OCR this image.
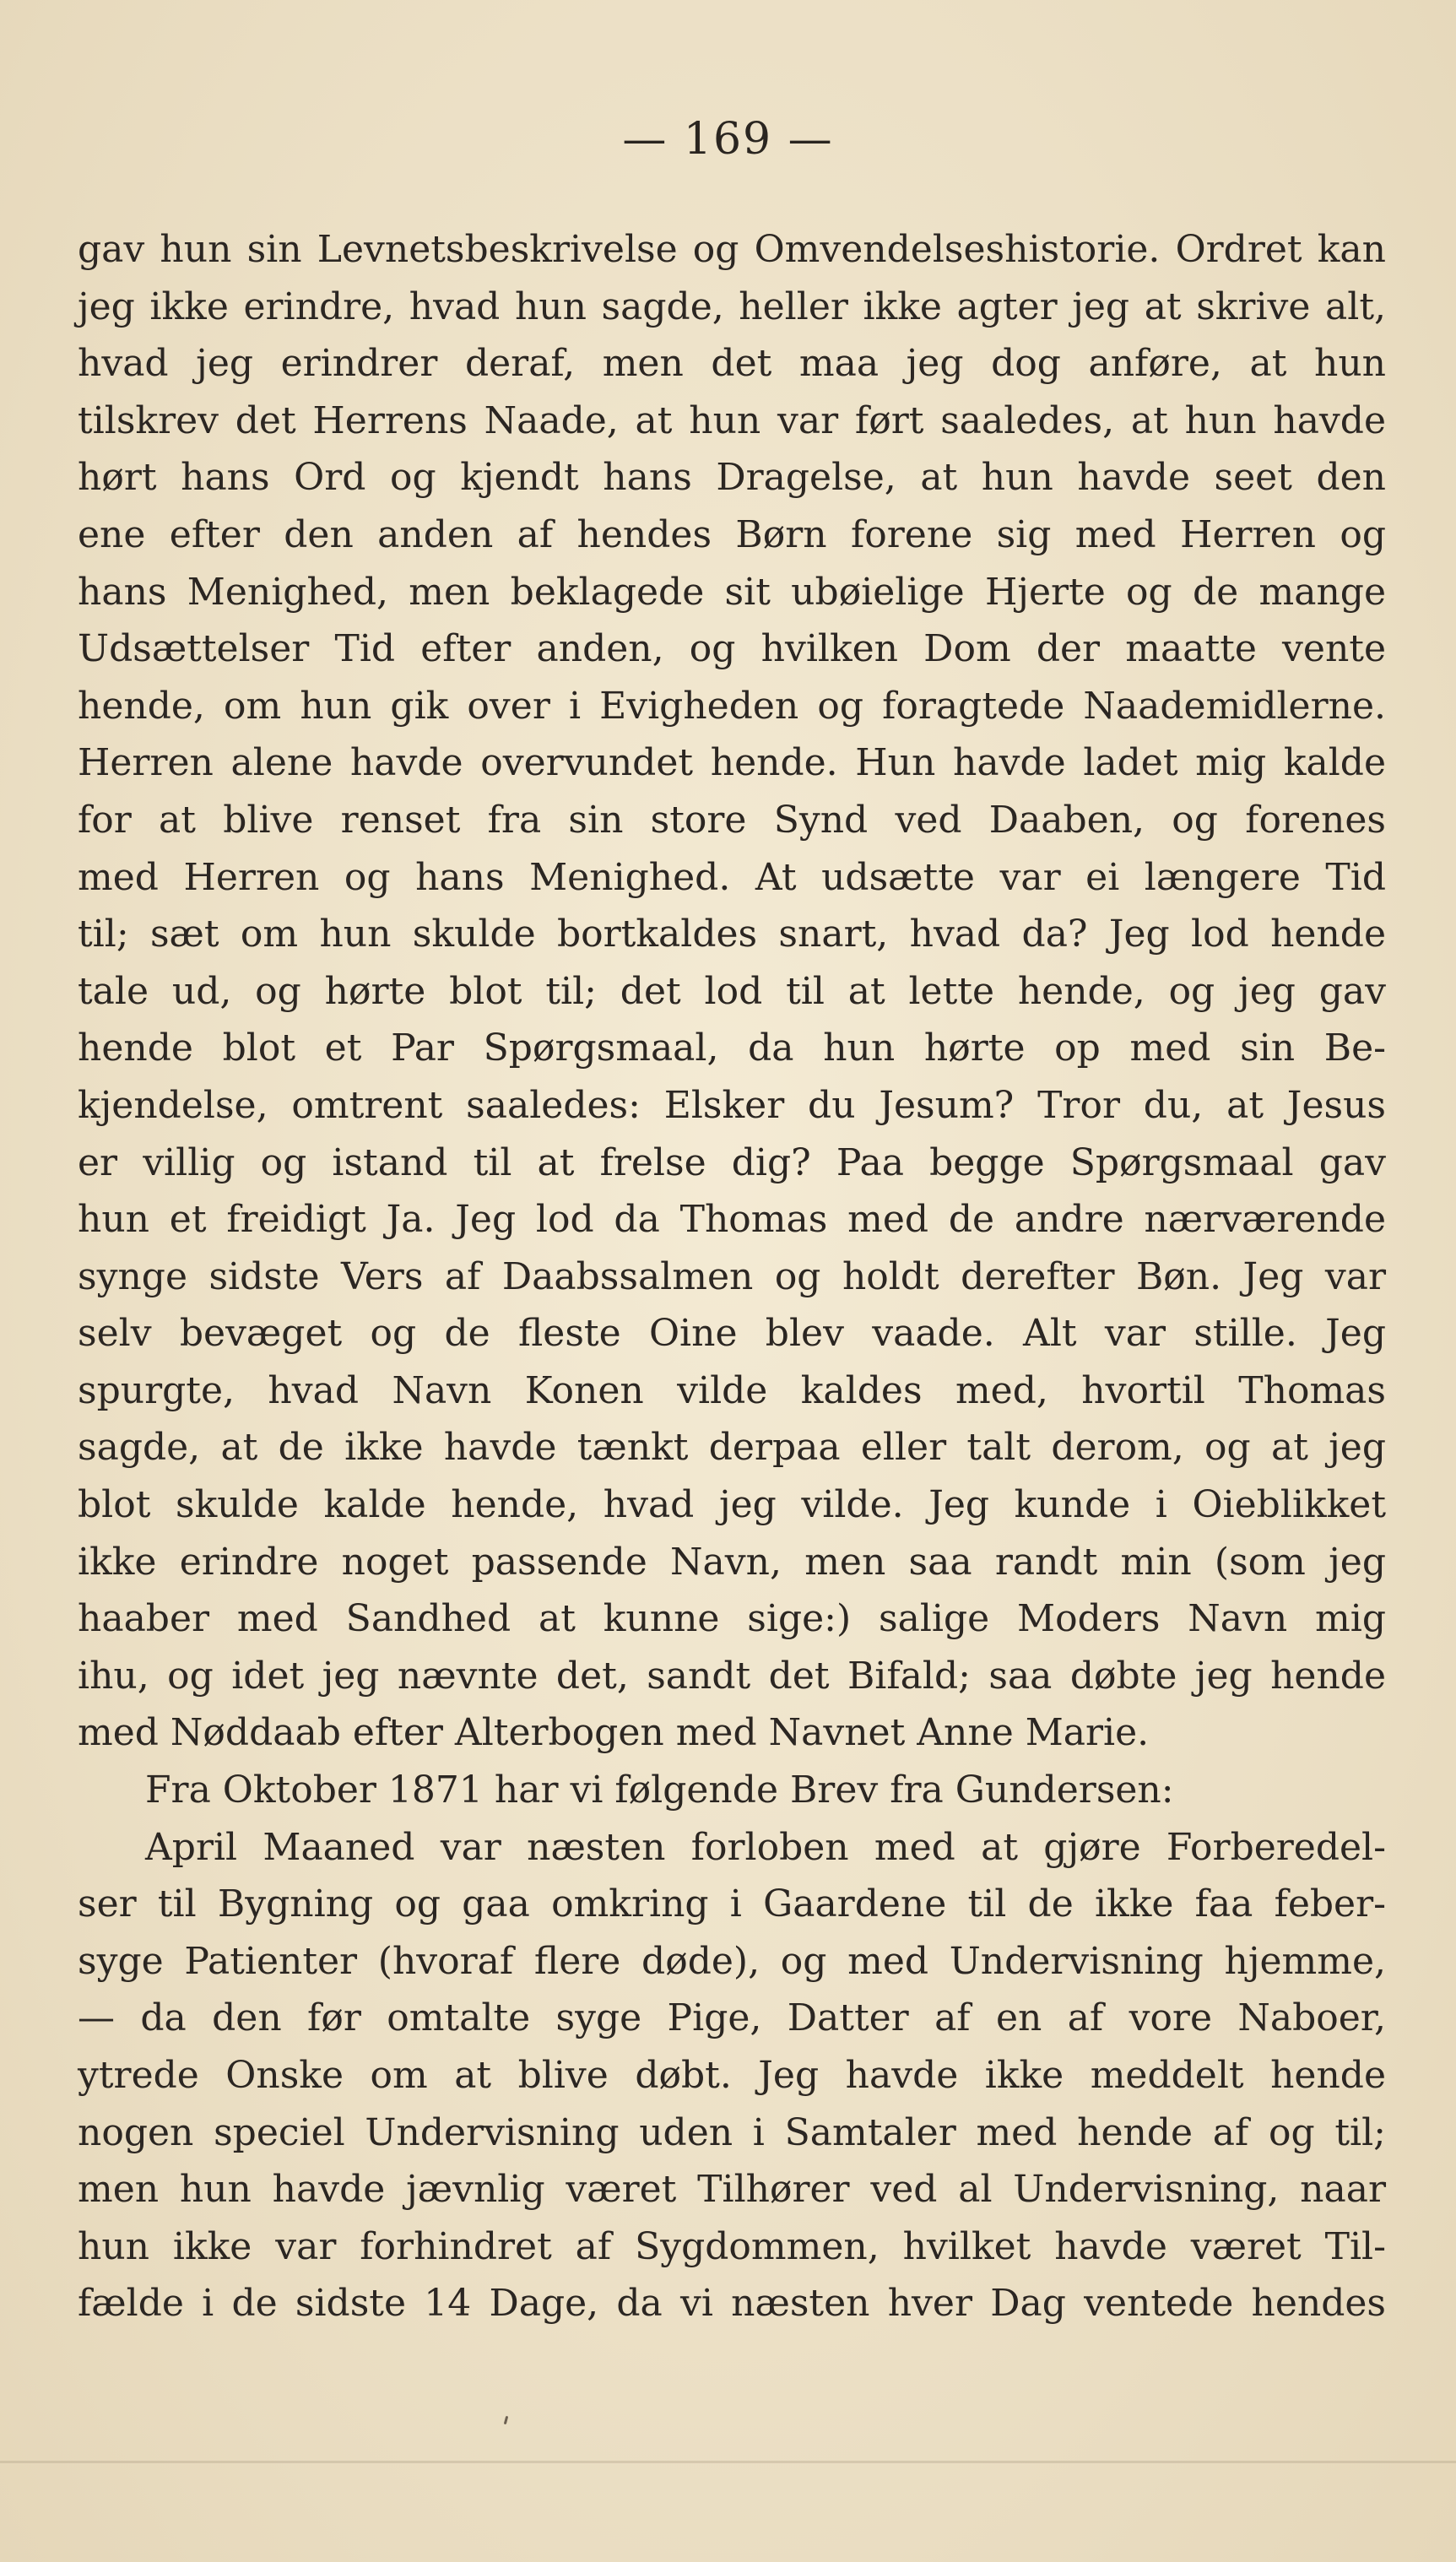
— 169 —
gav hun sin Levnetsbeskrivelse og Omvendelseshistorie. Ordret kan
jeg ikke erindre, hvad hun sagde, heller ikke agter jeg at skrive alt,
hvad jeg erindrer deraf, men det maa jeg dog anføre, at hun
tilskrev det Herrens Naade, at hun var ført saaledes, at hun havde
hørt hans Ord og kjendt hans Dragelse, at hun havde seet den
ene efter den anden af hendes Børn forene sig med Herren og
hans Menighed, men beklagede sit ubøielige Hjerte og de mange
Udsættelser Tid efter anden, og hvilken Dom der maatte vente
hende, om hun gik over i Evigheden og foragtede Naademidlerne.
Herren alene havde overvundet hende. Hun havde ladet mig kalde
for at blive renset fra sin store Synd ved Daaben, og forenes
med Herren og hans Menighed. At udsætte var ei længere Tid
til; sæt om hun skulde bortkaldes snart, hvad da? Jeg lod hende
tale ud, og hørte blot til; det lod til at lette hende, og jeg gav
hende blot et Par Spørgsmaal, da hun hørte op med sin Be-
kjendelse, omtrent saaledes: Elsker du Jesum? Tror du, at Jesus
er villig og istand til at frelse dig? Paa begge Spørgsmaal gav
hun et freidigt Ja. Jeg lod da Thomas med de andre nærværende
synge sidste Vers af Daabssalmen og holdt derefter Bøn. Jeg var
selv bevæget og de fleste Oine blev vaade. Alt var stille. Jeg
spurgte, hvad Navn Konen vilde kaldes med, hvortil Thomas
sagde, at de ikke havde tænkt derpaa eller talt derom, og at jeg
blot skulde kalde hende, hvad jeg vilde. Jeg kunde i Oieblikket
ikke erindre noget passende Navn, men saa randt min (som jeg
haaber med Sandhed at kunne sige:) salige Moders Navn mig
ihu, og idet jeg nævnte det, sandt det Bifald; saa døbte jeg hende
med Nøddaab efter Alterbogen med Navnet Anne Marie.
Fra Oktober 1871 har vi følgende Brev fra Gundersen:
April Maaned var næsten forloben med at gjøre Forberedel-
ser til Bygning og gaa omkring i Gaardene til de ikke faa feber-
syge Patienter (hvoraf flere døde), og med Undervisning hjemme,
— da den før omtalte syge Pige, Datter af en af vore Naboer,
ytrede Onske om at blive døbt. Jeg havde ikke meddelt hende
nogen speciel Undervisning uden i Samtaler med hende af og til;
men hun havde jævnlig været Tilhører ved al Undervisning, naar
hun ikke var forhindret af Sygdommen, hvilket havde været Til-
fælde i de sidste 14 Dage, da vi næsten hver Dag ventede hendes
